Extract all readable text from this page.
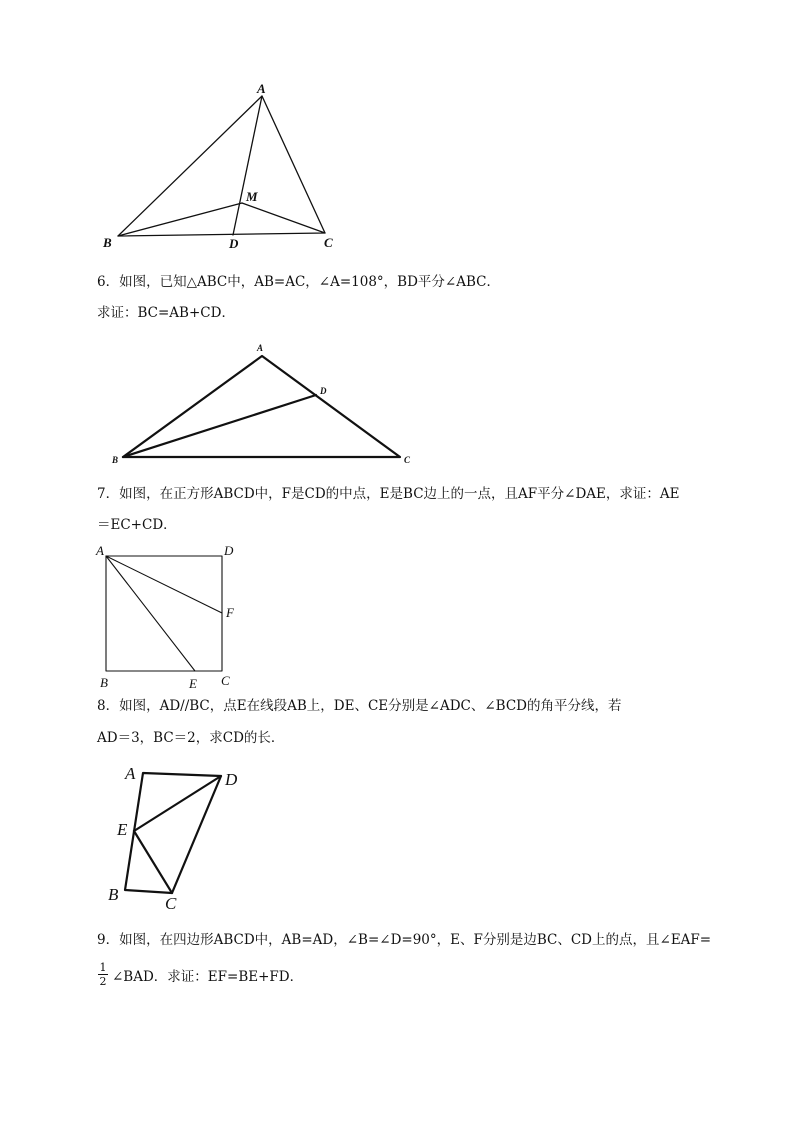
A
B	C
D
M
6．如图，已知△ABC中，AB=AC，∠A=108°，BD平分∠ABC．
求证：BC=AB+CD．
A
B	C
D
7．如图，在正方形ABCD中，F是CD的中点，E是BC边上的一点，且AF平分∠DAE，求证：AE
＝EC+CD．
A	D
F
B	E C
8．如图，AD//BC，点E在线段AB上，DE、CE分别是∠ADC、∠BCD的角平分线，若
AD＝3，BC＝2，求CD的长．
A	D
E
B	C
9．如图，在四边形ABCD中，AB=AD，∠B=∠D=90°，E、F分别是边BC、CD上的点，且∠EAF=
$\frac{1}{2}$ ∠BAD．求证：EF=BE+FD．
